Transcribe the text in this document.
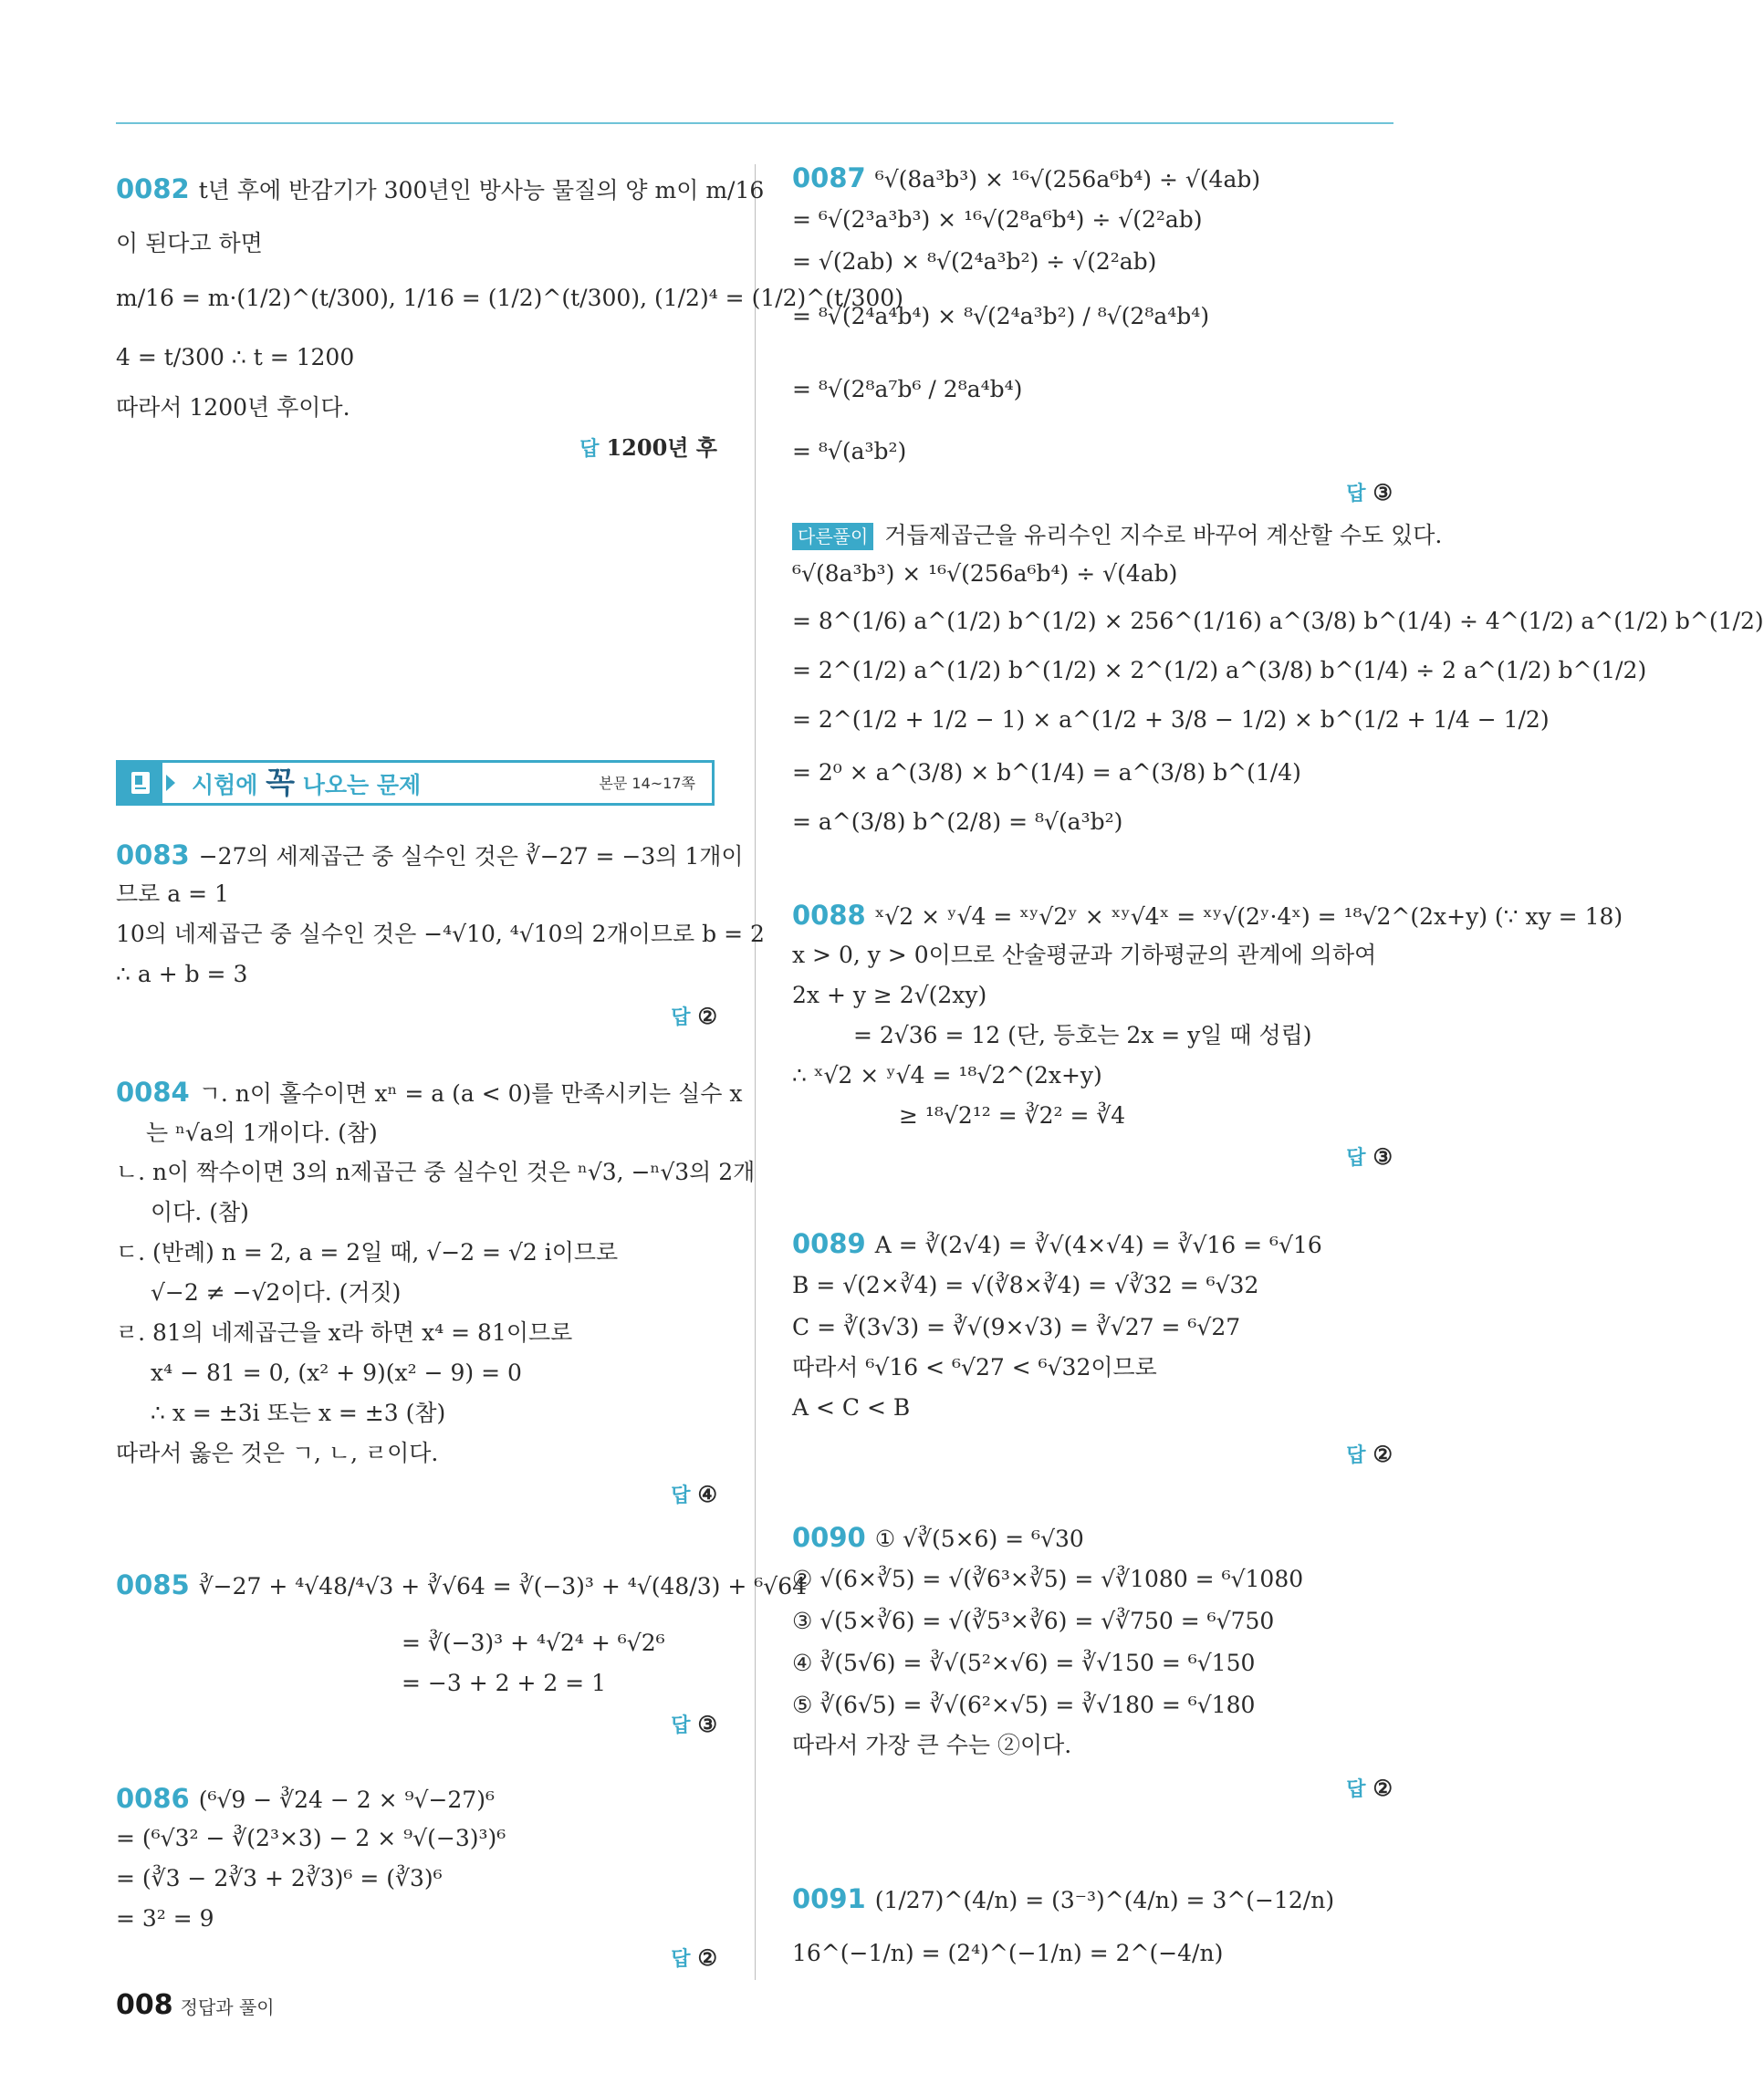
0082 t년 후에 반감기가 300년인 방사능 물질의 양 m이 m/16
이 된다고 하면
m/16 = m·(1/2)^(t/300), 1/16 = (1/2)^(t/300), (1/2)⁴ = (1/2)^(t/300)
4 = t/300 ∴ t = 1200
따라서 1200년 후이다.
답 1200년 후
시험에 꼭 나오는 문제	본문 14~17쪽
0083 −27의 세제곱근 중 실수인 것은 ∛−27 = −3의 1개이
므로 a = 1
10의 네제곱근 중 실수인 것은 −⁴√10, ⁴√10의 2개이므로 b = 2
∴ a + b = 3
답 ②
0084 ㄱ. n이 홀수이면 xⁿ = a (a < 0)를 만족시키는 실수 x
는 ⁿ√a의 1개이다. (참)
ㄴ. n이 짝수이면 3의 n제곱근 중 실수인 것은 ⁿ√3, −ⁿ√3의 2개
이다. (참)
ㄷ. (반례) n = 2, a = 2일 때, √−2 = √2 i이므로
√−2 ≠ −√2이다. (거짓)
ㄹ. 81의 네제곱근을 x라 하면 x⁴ = 81이므로
x⁴ − 81 = 0, (x² + 9)(x² − 9) = 0
∴ x = ±3i 또는 x = ±3 (참)
따라서 옳은 것은 ㄱ, ㄴ, ㄹ이다.
답 ④
0085 ∛−27 + ⁴√48/⁴√3 + ∛√64 = ∛(−3)³ + ⁴√(48/3) + ⁶√64
= ∛(−3)³ + ⁴√2⁴ + ⁶√2⁶
= −3 + 2 + 2 = 1
답 ③
0086 (⁶√9 − ∛24 − 2 × ⁹√−27)⁶
= (⁶√3² − ∛(2³×3) − 2 × ⁹√(−3)³)⁶
= (∛3 − 2∛3 + 2∛3)⁶ = (∛3)⁶
= 3² = 9
답 ②
0087 ⁶√(8a³b³) × ¹⁶√(256a⁶b⁴) ÷ √(4ab)
= ⁶√(2³a³b³) × ¹⁶√(2⁸a⁶b⁴) ÷ √(2²ab)
= √(2ab) × ⁸√(2⁴a³b²) ÷ √(2²ab)
= ⁸√(2⁴a⁴b⁴) × ⁸√(2⁴a³b²) / ⁸√(2⁸a⁴b⁴)
= ⁸√(2⁸a⁷b⁶ / 2⁸a⁴b⁴)
= ⁸√(a³b²)
답 ③
다른풀이 거듭제곱근을 유리수인 지수로 바꾸어 계산할 수도 있다.
⁶√(8a³b³) × ¹⁶√(256a⁶b⁴) ÷ √(4ab)
= 8^(1/6) a^(1/2) b^(1/2) × 256^(1/16) a^(3/8) b^(1/4) ÷ 4^(1/2) a^(1/2) b^(1/2)
= 2^(1/2) a^(1/2) b^(1/2) × 2^(1/2) a^(3/8) b^(1/4) ÷ 2 a^(1/2) b^(1/2)
= 2^(1/2 + 1/2 − 1) × a^(1/2 + 3/8 − 1/2) × b^(1/2 + 1/4 − 1/2)
= 2⁰ × a^(3/8) × b^(1/4) = a^(3/8) b^(1/4)
= a^(3/8) b^(2/8) = ⁸√(a³b²)
0088 ˣ√2 × ʸ√4 = ˣʸ√2ʸ × ˣʸ√4ˣ = ˣʸ√(2ʸ·4ˣ) = ¹⁸√2^(2x+y) (∵ xy = 18)
x > 0, y > 0이므로 산술평균과 기하평균의 관계에 의하여
2x + y ≥ 2√(2xy)
= 2√36 = 12 (단, 등호는 2x = y일 때 성립)
∴ ˣ√2 × ʸ√4 = ¹⁸√2^(2x+y)
≥ ¹⁸√2¹² = ∛2² = ∛4
답 ③
0089 A = ∛(2√4) = ∛√(4×√4) = ∛√16 = ⁶√16
B = √(2×∛4) = √(∛8×∛4) = √∛32 = ⁶√32
C = ∛(3√3) = ∛√(9×√3) = ∛√27 = ⁶√27
따라서 ⁶√16 < ⁶√27 < ⁶√32이므로
A < C < B
답 ②
0090 ① √∛(5×6) = ⁶√30
② √(6×∛5) = √(∛6³×∛5) = √∛1080 = ⁶√1080
③ √(5×∛6) = √(∛5³×∛6) = √∛750 = ⁶√750
④ ∛(5√6) = ∛√(5²×√6) = ∛√150 = ⁶√150
⑤ ∛(6√5) = ∛√(6²×√5) = ∛√180 = ⁶√180
따라서 가장 큰 수는 ②이다.
답 ②
0091 (1/27)^(4/n) = (3⁻³)^(4/n) = 3^(−12/n)
16^(−1/n) = (2⁴)^(−1/n) = 2^(−4/n)
008 정답과 풀이
